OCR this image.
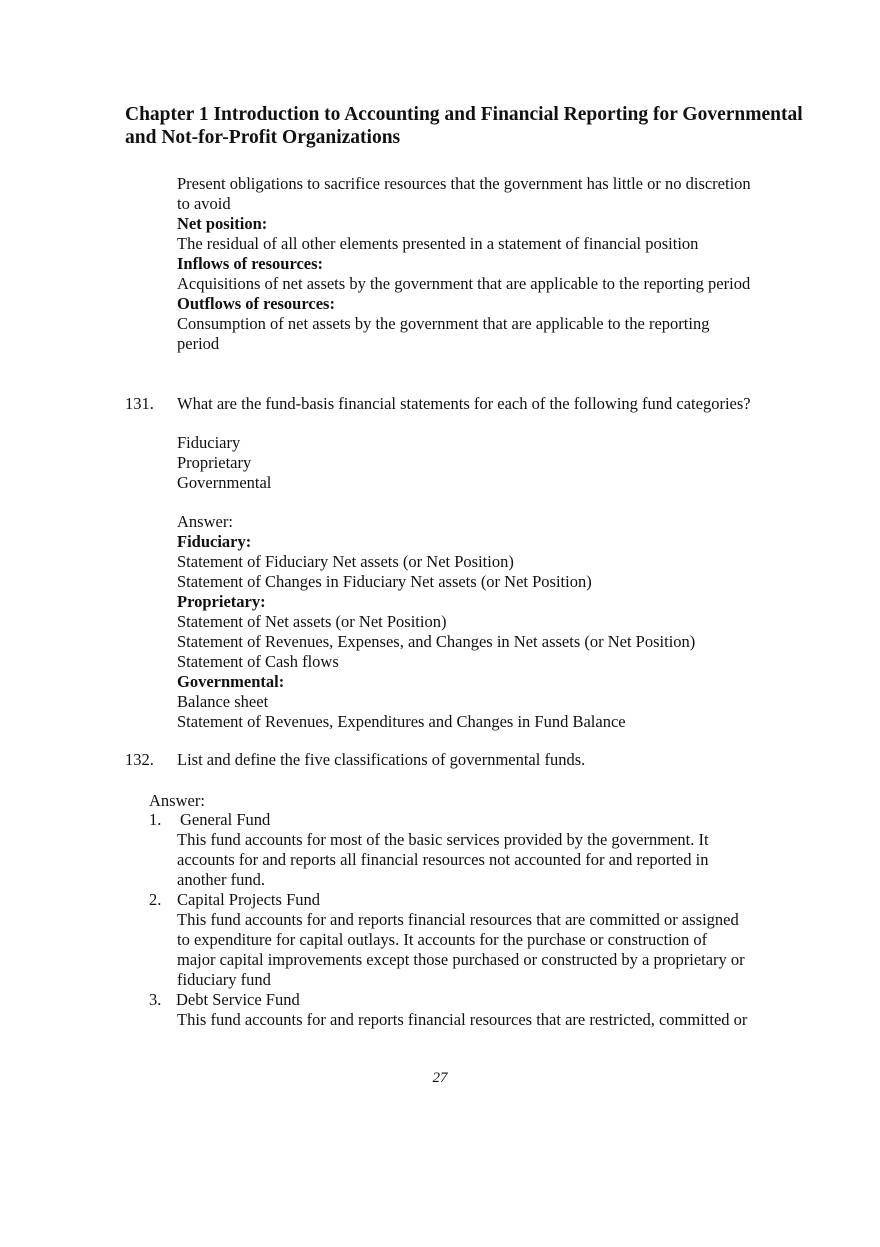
Chapter 1 Introduction to Accounting and Financial Reporting for Governmental and Not-for-Profit Organizations
Present obligations to sacrifice resources that the government has little or no discretion
to avoid
Net position:
The residual of all other elements presented in a statement of financial position
Inflows of resources:
Acquisitions of net assets by the government that are applicable to the reporting period
Outflows of resources:
Consumption of net assets by the government that are applicable to the reporting
period
131. What are the fund-basis financial statements for each of the following fund categories?
Fiduciary
Proprietary
Governmental
Answer:
Fiduciary:
Statement of Fiduciary Net assets (or Net Position)
Statement of Changes in Fiduciary Net assets (or Net Position)
Proprietary:
Statement of Net assets (or Net Position)
Statement of Revenues, Expenses, and Changes in Net assets (or Net Position)
Statement of Cash flows
Governmental:
Balance sheet
Statement of Revenues, Expenditures and Changes in Fund Balance
132. List and define the five classifications of governmental funds.
Answer:
1. General Fund
This fund accounts for most of the basic services provided by the government. It
accounts for and reports all financial resources not accounted for and reported in
another fund.
2. Capital Projects Fund
This fund accounts for and reports financial resources that are committed or assigned
to expenditure for capital outlays. It accounts for the purchase or construction of
major capital improvements except those purchased or constructed by a proprietary or
fiduciary fund
3. Debt Service Fund
This fund accounts for and reports financial resources that are restricted, committed or
27
